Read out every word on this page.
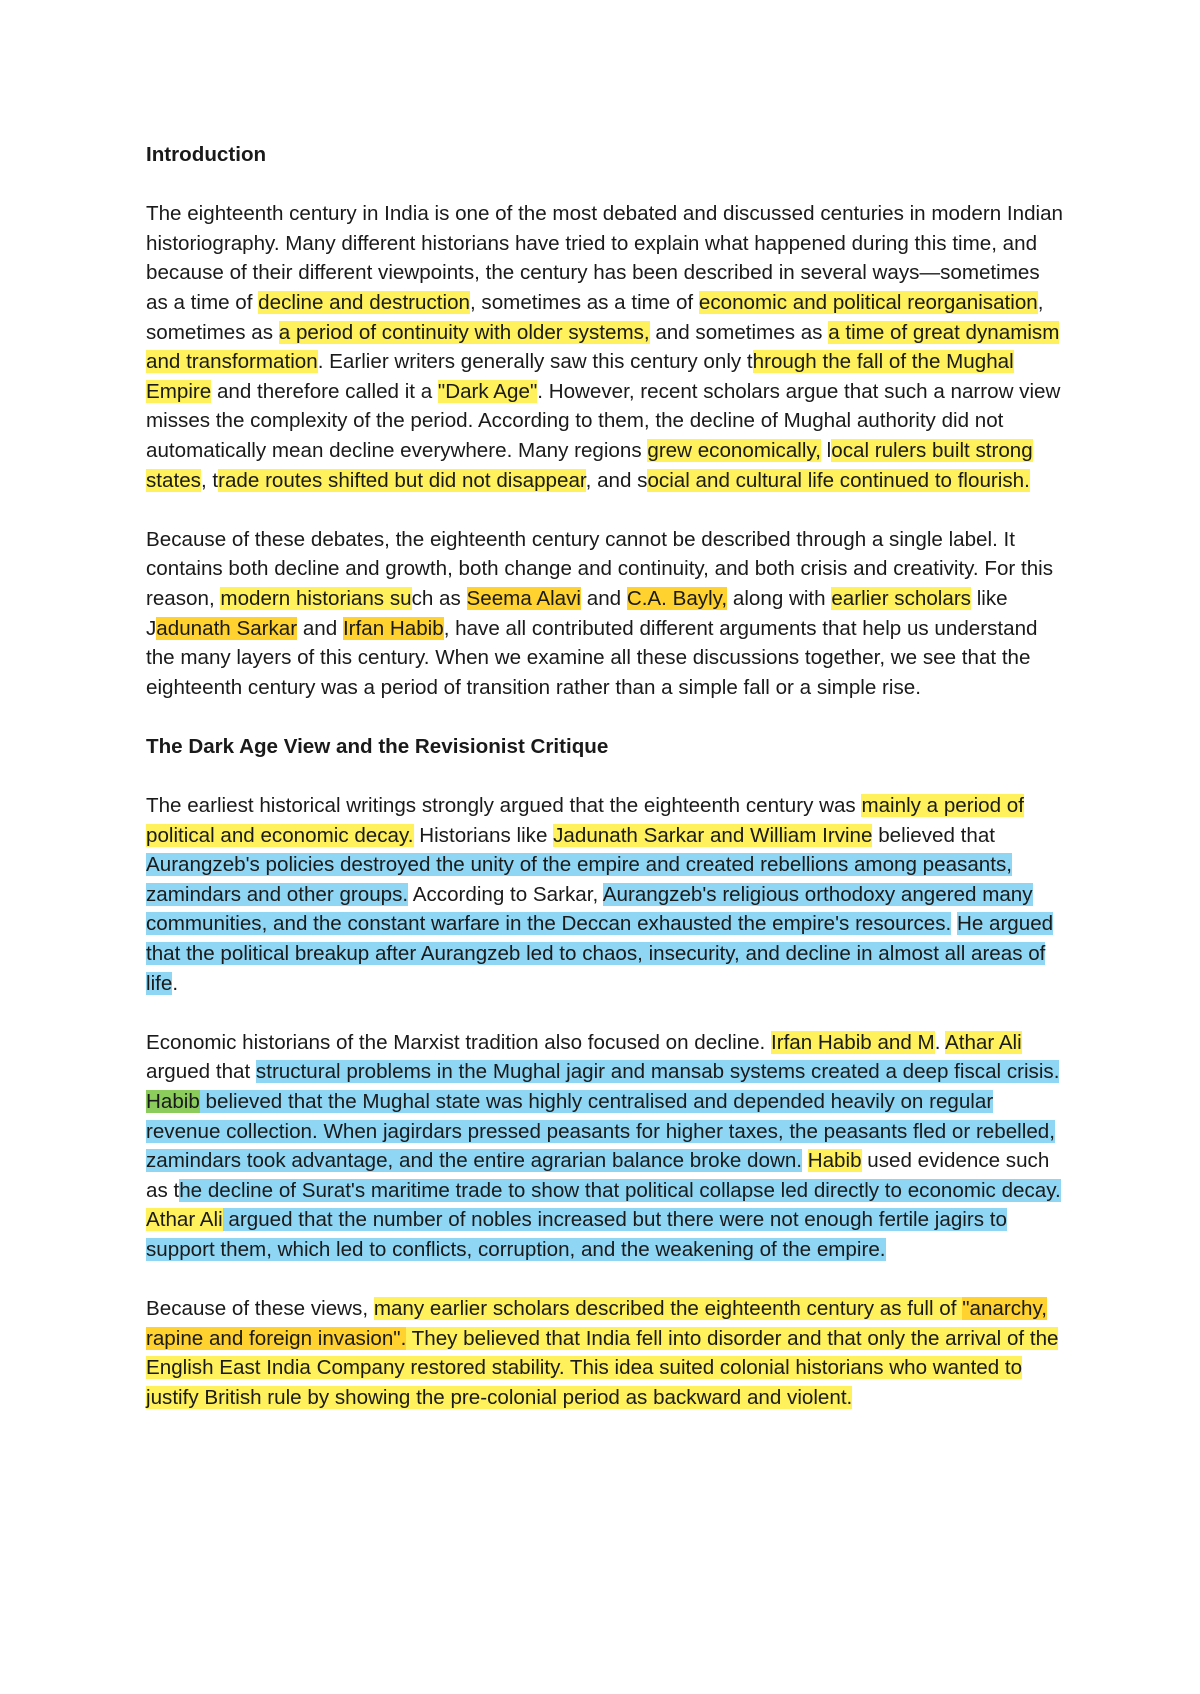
Introduction

The eighteenth century in India is one of the most debated and discussed centuries in modern Indian historiography. Many different historians have tried to explain what happened during this time, and because of their different viewpoints, the century has been described in several ways—sometimes as a time of decline and destruction, sometimes as a time of economic and political reorganisation, sometimes as a period of continuity with older systems, and sometimes as a time of great dynamism and transformation. Earlier writers generally saw this century only through the fall of the Mughal Empire and therefore called it a "Dark Age". However, recent scholars argue that such a narrow view misses the complexity of the period. According to them, the decline of Mughal authority did not automatically mean decline everywhere. Many regions grew economically, local rulers built strong states, trade routes shifted but did not disappear, and social and cultural life continued to flourish.

Because of these debates, the eighteenth century cannot be described through a single label. It contains both decline and growth, both change and continuity, and both crisis and creativity. For this reason, modern historians such as Seema Alavi and C.A. Bayly, along with earlier scholars like Jadunath Sarkar and Irfan Habib, have all contributed different arguments that help us understand the many layers of this century. When we examine all these discussions together, we see that the eighteenth century was a period of transition rather than a simple fall or a simple rise.

The Dark Age View and the Revisionist Critique

The earliest historical writings strongly argued that the eighteenth century was mainly a period of political and economic decay. Historians like Jadunath Sarkar and William Irvine believed that Aurangzeb's policies destroyed the unity of the empire and created rebellions among peasants, zamindars and other groups. According to Sarkar, Aurangzeb's religious orthodoxy angered many communities, and the constant warfare in the Deccan exhausted the empire's resources. He argued that the political breakup after Aurangzeb led to chaos, insecurity, and decline in almost all areas of life.

Economic historians of the Marxist tradition also focused on decline. Irfan Habib and M. Athar Ali argued that structural problems in the Mughal jagir and mansab systems created a deep fiscal crisis. Habib believed that the Mughal state was highly centralised and depended heavily on regular revenue collection. When jagirdars pressed peasants for higher taxes, the peasants fled or rebelled, zamindars took advantage, and the entire agrarian balance broke down. Habib used evidence such as the decline of Surat's maritime trade to show that political collapse led directly to economic decay. Athar Ali argued that the number of nobles increased but there were not enough fertile jagirs to support them, which led to conflicts, corruption, and the weakening of the empire.

Because of these views, many earlier scholars described the eighteenth century as full of "anarchy, rapine and foreign invasion". They believed that India fell into disorder and that only the arrival of the English East India Company restored stability. This idea suited colonial historians who wanted to justify British rule by showing the pre-colonial period as backward and violent.
